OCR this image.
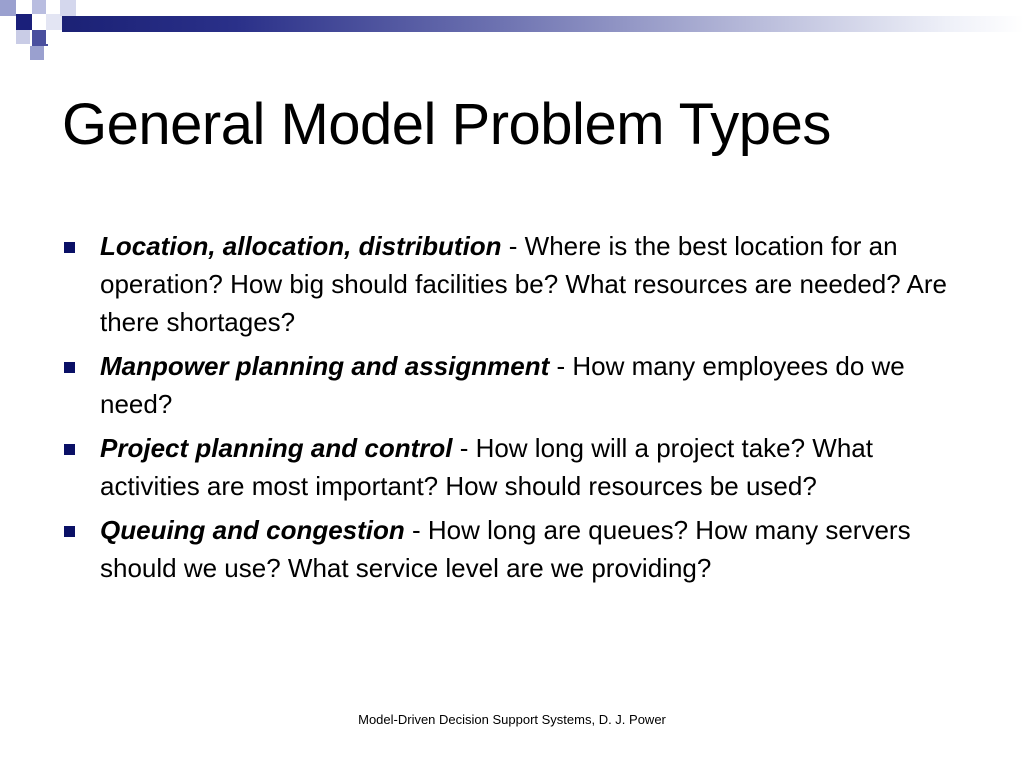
General Model Problem Types
Location, allocation, distribution - Where is the best location for an operation? How big should facilities be? What resources are needed? Are there shortages?
Manpower planning and assignment - How many employees do we need?
Project planning and control - How long will a project take? What activities are most important? How should resources be used?
Queuing and congestion - How long are queues? How many servers should we use? What service level are we providing?
Model-Driven Decision Support Systems, D. J. Power
